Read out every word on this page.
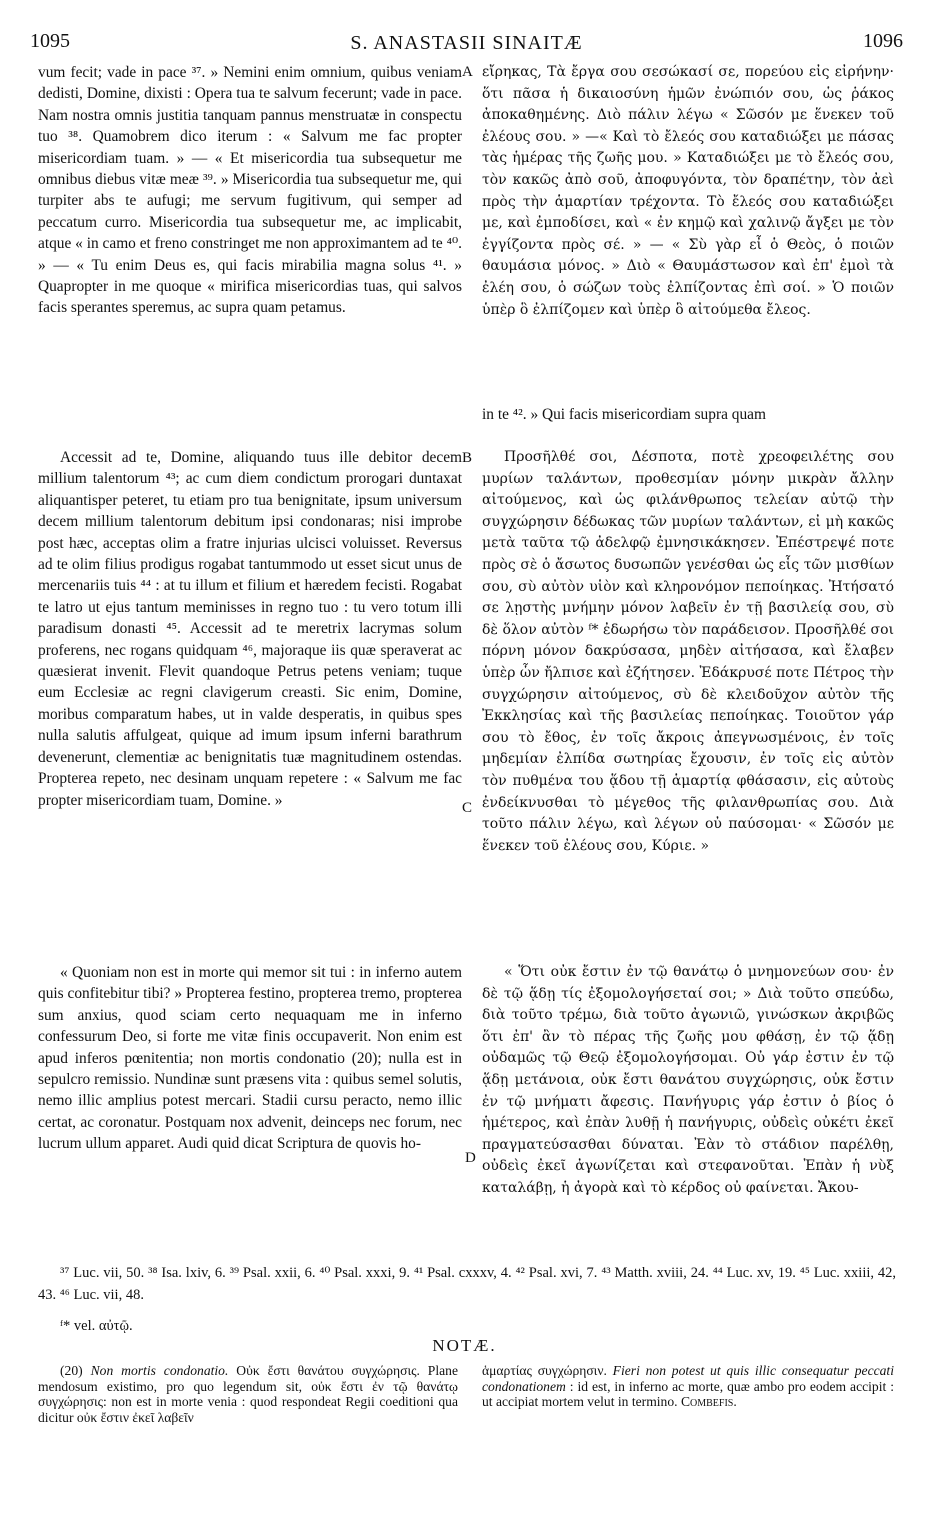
1095	S. ANASTASII SINAITÆ	1096

vum fecit; vade in pace ³⁷. » Nemini enim omnium, quibus veniam dedisti, Domine, dixisti : Opera tua te salvum fecerunt; vade in pace. Nam nostra omnis justitia tanquam pannus menstruatæ in conspectu tuo ³⁸. Quamobrem dico iterum : « Salvum me fac propter misericordiam tuam. » — « Et misericordia tua subsequetur me omnibus diebus vitæ meæ ³⁹. » Misericordia tua subsequetur me, qui turpiter abs te aufugi; me servum fugitivum, qui semper ad peccatum curro. Misericordia tua subsequetur me, ac implicabit, atque « in camo et freno constringet me non approximantem ad te ⁴⁰. » — « Tu enim Deus es, qui facis mirabilia magna solus ⁴¹. » Quapropter in me quoque « mirifica misericordias tuas, qui salvos facis sperantes speremus, ac supra quam petamus.

Accessit ad te, Domine, aliquando tuus ille debitor decem millium talentorum ⁴³; ac cum diem condictum prorogari duntaxat aliquantisper peteret, tu etiam pro tua benignitate, ipsum universum decem millium talentorum debitum ipsi condonaras; nisi improbe post hæc, acceptas olim a fratre injurias ulcisci voluisset. Reversus ad te olim filius prodigus rogabat tantummodo ut esset sicut unus de mercenariis tuis ⁴⁴ : at tu illum et filium et hæredem fecisti. Rogabat te latro ut ejus tantum meminisses in regno tuo : tu vero totum illi paradisum donasti ⁴⁵. Accessit ad te meretrix lacrymas solum proferens, nec rogans quidquam ⁴⁶, majoraque iis quæ speraverat ac quæsierat invenit. Flevit quandoque Petrus petens veniam; tuque eum Ecclesiæ ac regni clavigerum creasti. Sic enim, Domine, moribus comparatum habes, ut in valde desperatis, in quibus spes nulla salutis affulgeat, quique ad imum ipsum inferni barathrum devenerunt, clementiæ ac benignitatis tuæ magnitudinem ostendas. Propterea repeto, nec desinam unquam repetere : « Salvum me fac propter misericordiam tuam, Domine. »

« Quoniam non est in morte qui memor sit tui : in inferno autem quis confitebitur tibi? » Propterea festino, propterea tremo, propterea sum anxius, quod sciam certo nequaquam me in inferno confessurum Deo, si forte me vitæ finis occupaverit. Non enim est apud inferos pœnitentia; non mortis condonatio (20); nulla est in sepulcro remissio. Nundinæ sunt præsens vita : quibus semel solutis, nemo illic amplius potest mercari. Stadii cursu peracto, nemo illic certat, ac coronatur. Postquam nox advenit, deinceps nec forum, nec lucrum ullum apparet. Audi quid dicat Scriptura de quovis ho-

A
B
C
D

εἴρηκας, Τὰ ἔργα σου σεσώκασί σε, πορεύου εἰς εἰρήνην· ὅτι πᾶσα ἡ δικαιοσύνη ἡμῶν ἐνώπιόν σου, ὡς ῥάκος ἀποκαθημένης. Διὸ πάλιν λέγω « Σῶσόν με ἕνεκεν τοῦ ἐλέους σου. » —« Καὶ τὸ ἔλεός σου καταδιώξει με πάσας τὰς ἡμέρας τῆς ζωῆς μου. » Καταδιώξει με τὸ ἔλεός σου, τὸν κακῶς ἀπὸ σοῦ, ἀποφυγόντα, τὸν δραπέτην, τὸν ἀεὶ πρὸς τὴν ἁμαρτίαν τρέχοντα. Τὸ ἔλεός σου καταδιώξει με, καὶ ἐμποδίσει, καὶ « ἐν κημῷ καὶ χαλινῷ ἄγξει με τὸν ἐγγίζοντα πρὸς σέ. » — « Σὺ γὰρ εἶ ὁ Θεὸς, ὁ ποιῶν θαυμάσια μόνος. » Διὸ « Θαυμάστωσον καὶ ἐπ' ἐμοὶ τὰ ἐλέη σου, ὁ σώζων τοὺς ἐλπίζοντας ἐπὶ σοί. » Ὁ ποιῶν ὑπὲρ ὃ ἐλπίζομεν καὶ ὑπὲρ ὃ αἰτούμεθα ἔλεος.

in te ⁴². » Qui facis misericordiam supra quam

Προσῆλθέ σοι, Δέσποτα, ποτὲ χρεοφειλέτης σου μυρίων ταλάντων, προθεσμίαν μόνην μικρὰν ἄλλην αἰτούμενος, καὶ ὡς φιλάνθρωπος τελείαν αὐτῷ τὴν συγχώρησιν δέδωκας τῶν μυρίων ταλάντων, εἰ μὴ κακῶς μετὰ ταῦτα τῷ ἀδελφῷ ἐμνησικάκησεν. Ἐπέστρεψέ ποτε πρὸς σὲ ὁ ἄσωτος δυσωπῶν γενέσθαι ὡς εἷς τῶν μισθίων σου, σὺ αὐτὸν υἱὸν καὶ κληρονόμον πεποίηκας. Ἠτήσατό σε λῃστὴς μνήμην μόνον λαβεῖν ἐν τῇ βασιλείᾳ σου, σὺ δὲ ὅλον αὐτὸν ᶠ* ἐδωρήσω τὸν παράδεισον. Προσῆλθέ σοι πόρνη μόνον δακρύσασα, μηδὲν αἰτήσασα, καὶ ἔλαβεν ὑπὲρ ὧν ἤλπισε καὶ ἐζήτησεν. Ἐδάκρυσέ ποτε Πέτρος τὴν συγχώρησιν αἰτούμενος, σὺ δὲ κλειδοῦχον αὐτὸν τῆς Ἐκκλησίας καὶ τῆς βασιλείας πεποίηκας. Τοιοῦτον γάρ σου τὸ ἔθος, ἐν τοῖς ἄκροις ἀπεγνωσμένοις, ἐν τοῖς μηδεμίαν ἐλπίδα σωτηρίας ἔχουσιν, ἐν τοῖς εἰς αὐτὸν τὸν πυθμένα του ᾅδου τῇ ἁμαρτίᾳ φθάσασιν, εἰς αὐτοὺς ἐνδείκνυσθαι τὸ μέγεθος τῆς φιλανθρωπίας σου. Διὰ τοῦτο πάλιν λέγω, καὶ λέγων οὐ παύσομαι· « Σῶσόν με ἕνεκεν τοῦ ἐλέους σου, Κύριε. »

« Ὅτι οὐκ ἔστιν ἐν τῷ θανάτῳ ὁ μνημονεύων σου· ἐν δὲ τῷ ᾅδῃ τίς ἐξομολογήσεταί σοι; » Διὰ τοῦτο σπεύδω, διὰ τοῦτο τρέμω, διὰ τοῦτο ἀγωνιῶ, γινώσκων ἀκριβῶς ὅτι ἐπ' ἂν τὸ πέρας τῆς ζωῆς μου φθάσῃ, ἐν τῷ ᾅδῃ οὐδαμῶς τῷ Θεῷ ἐξομολογήσομαι. Οὐ γάρ ἐστιν ἐν τῷ ᾅδῃ μετάνοια, οὐκ ἔστι θανάτου συγχώρησις, οὐκ ἔστιν ἐν τῷ μνήματι ἄφεσις. Πανήγυρις γάρ ἐστιν ὁ βίος ὁ ἡμέτερος, καὶ ἐπὰν λυθῇ ἡ πανήγυρις, οὐδεὶς οὐκέτι ἐκεῖ πραγματεύσασθαι δύναται. Ἐὰν τὸ στάδιον παρέλθῃ, οὐδεὶς ἐκεῖ ἀγωνίζεται καὶ στεφανοῦται. Ἐπὰν ἡ νὺξ καταλάβῃ, ἡ ἀγορὰ καὶ τὸ κέρδος οὐ φαίνεται. Ἄκου-

³⁷ Luc. vii, 50. ³⁸ Isa. lxiv, 6. ³⁹ Psal. xxii, 6. ⁴⁰ Psal. xxxi, 9. ⁴¹ Psal. cxxxv, 4. ⁴² Psal. xvi, 7. ⁴³ Matth. xviii, 24. ⁴⁴ Luc. xv, 19. ⁴⁵ Luc. xxiii, 42, 43. ⁴⁶ Luc. vii, 48.
ᶠ* vel. αὐτῷ.
NOTÆ.
(20) Non mortis condonatio. Οὐκ ἔστι θανάτου συγχώρησις. Plane mendosum existimo, pro quo legendum sit, οὐκ ἔστι ἐν τῷ θανάτῳ συγχώρησις: non est in morte venia : quod respondeat Regii coeditioni qua dicitur οὐκ ἔστιν ἐκεῖ λαβεῖν
ἁμαρτίας συγχώρησιν. Fieri non potest ut quis illic consequatur peccati condonationem : id est, in inferno ac morte, quæ ambo pro eodem accipit : ut accipiat mortem velut in termino. Combefis.
